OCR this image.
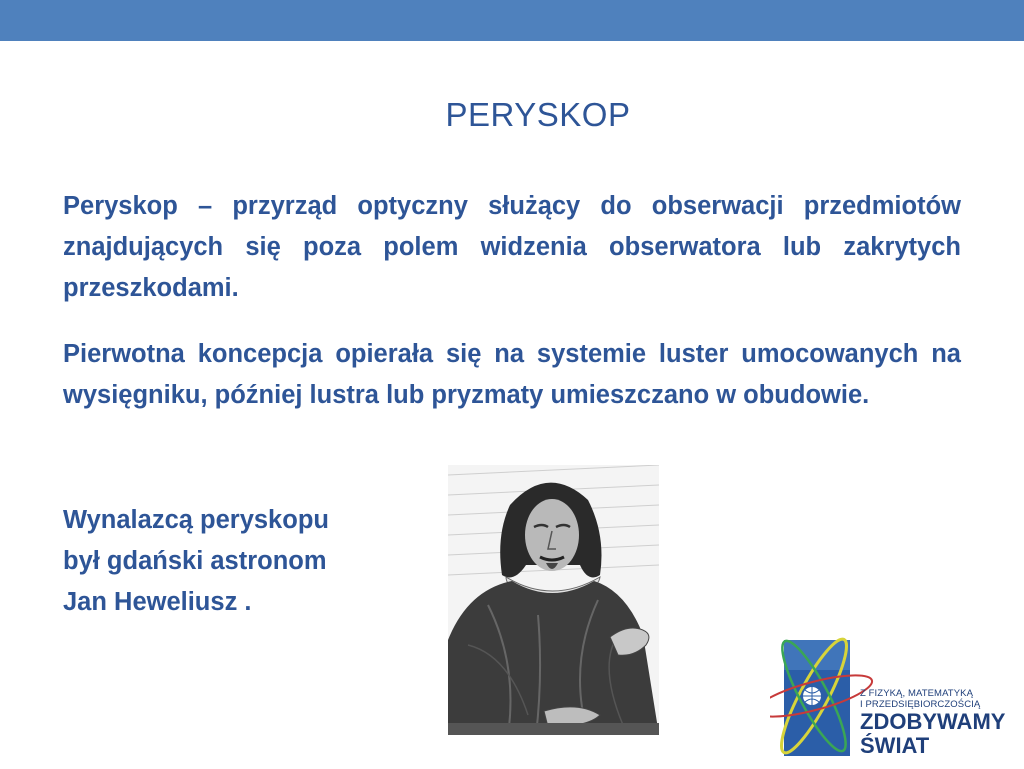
PERYSKOP

Peryskop – przyrząd optyczny służący do obserwacji przedmiotów znajdujących się poza polem widzenia obserwatora lub zakrytych przeszkodami.

Pierwotna koncepcja opierała się na systemie luster umocowanych na wysięgniku, później lustra lub pryzmaty umieszczano w obudowie.

Wynalazcą peryskopu
był gdański astronom
Jan Heweliusz .
Z FIZYKĄ, MATEMATYKĄ
I PRZEDSIĘBIORCZOŚCIĄ
ZDOBYWAMY
ŚWIAT
